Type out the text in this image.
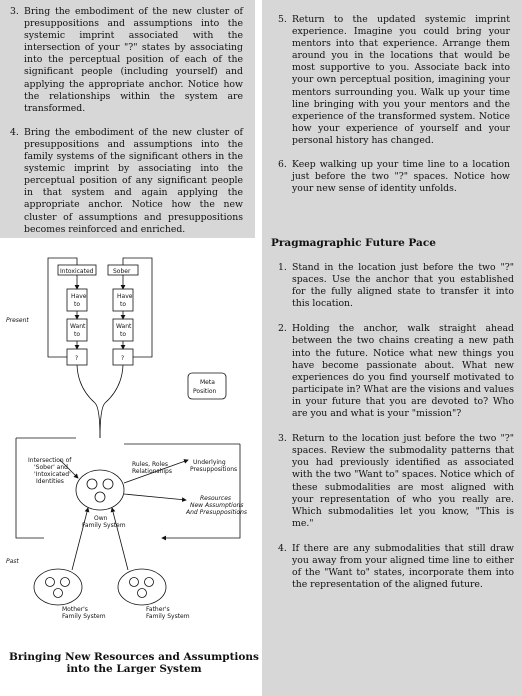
3. Bring the embodiment of the new cluster of presuppositions and assumptions into the systemic imprint associated with the intersection of your "?" states by associating into the perceptual position of each of the significant people (including yourself) and applying the appropriate anchor. Notice how the relationships within the system are transformed.
4. Bring the embodiment of the new cluster of presuppositions and assumptions into the family systems of the significant others in the systemic imprint by associating into the perceptual position of any significant people in that system and again applying the appropriate anchor. Notice how the new cluster of assumptions and presuppositions becomes reinforced and enriched.
5. Return to the updated systemic imprint experience. Imagine you could bring your mentors into that experience. Arrange them around you in the locations that would be most supportive to you. Associate back into your own perceptual position, imagining your mentors surrounding you. Walk up your time line bringing with you your mentors and the experience of the transformed system. Notice how your experience of yourself and your personal history has changed.
6. Keep walking up your time line to a location just before the two "?" spaces. Notice how your new sense of identity unfolds.
Pragmagraphic Future Pace
1. Stand in the location just before the two "?" spaces. Use the anchor that you established for the fully aligned state to transfer it into this location.
2. Holding the anchor, walk straight ahead between the two chains creating a new path into the future. Notice what new things you have become passionate about. What new experiences do you find yourself motivated to participate in? What are the visions and values in your future that you are devoted to? Who are you and what is your "mission"?
3. Return to the location just before the two "?" spaces. Review the submodality patterns that you had previously identified as associated with the two "Want to" spaces. Notice which of these submodalities are most aligned with your representation of who you really are. Which submodalities let you know, "This is me."
4. If there are any submodalities that still draw you away from your aligned time line to either of the "Want to" states, incorporate them into the representation of the aligned future.
Intoxicated	Sober
Have
to
Have
to
Want
to
Want
to
?	?
Present
Past
Meta
Position
Intersection of
'Sober' and
'Intoxicated'
Identities
Rules, Roles
Relationships
Underlying
Presuppositions
Resources
New Assumptions
And Presuppositions
Own
Family System
Mother's
Family System
Father's
Family System
Bringing New Resources and Assumptions
into the Larger System
